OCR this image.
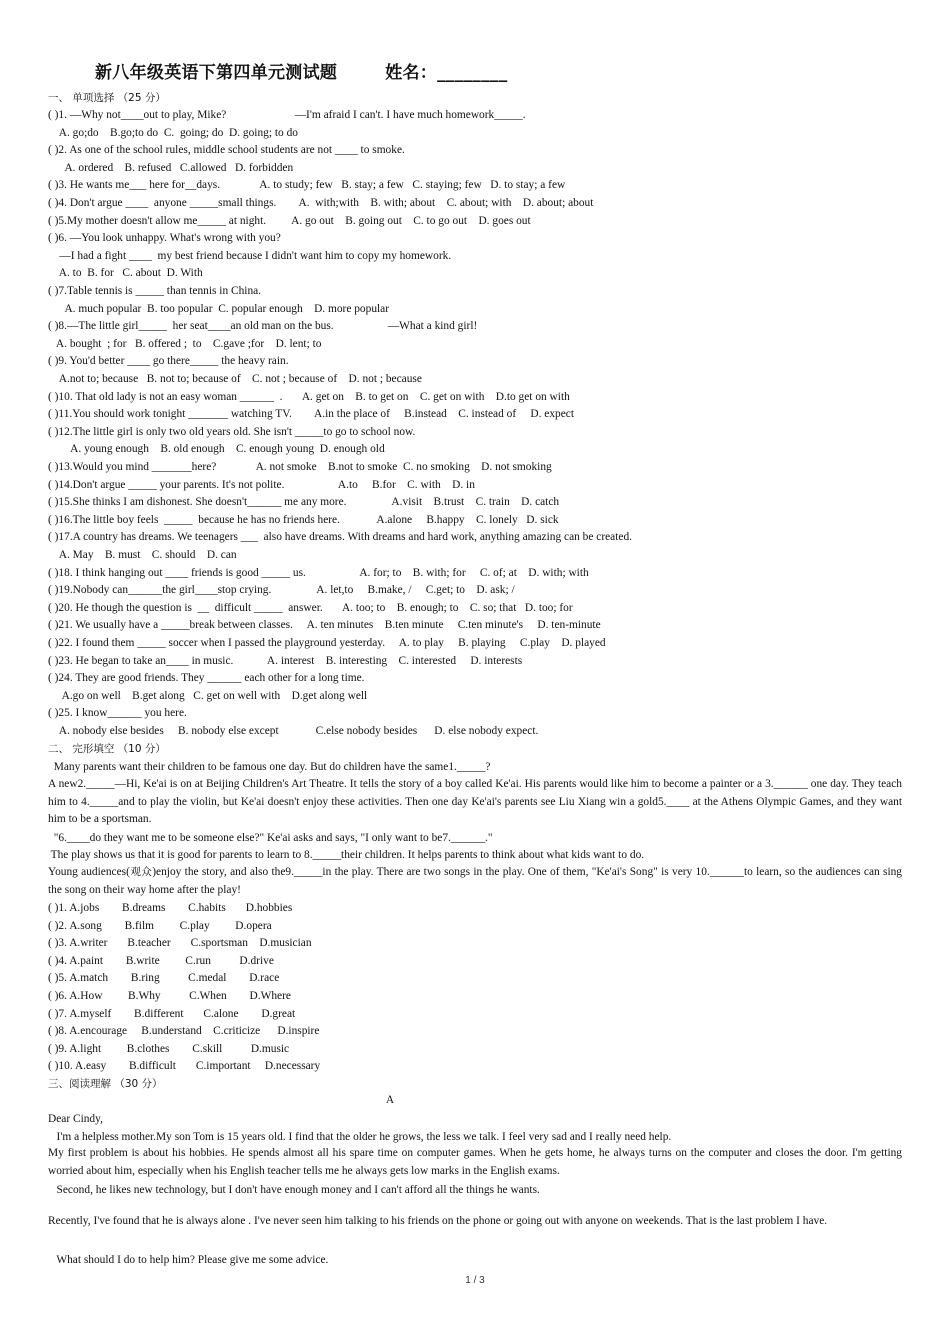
新八年级英语下第四单元测试题	姓名：________
一、 单项选择 （25 分）
( )1. —Why not____out to play, Mike?                        —I'm afraid I can't. I have much homework_____.
A. go;do    B.go;to do  C.  going; do  D. going; to do
( )2. As one of the school rules, middle school students are not ____ to smoke.
A. ordered    B. refused   C.allowed   D. forbidden
( )3. He wants me___ here for__days.              A. to study; few   B. stay; a few   C. staying; few   D. to stay; a few
( )4. Don't argue ____  anyone _____small things.        A.  with;with    B. with; about    C. about; with    D. about; about
( )5.My mother doesn't allow me_____ at night.         A. go out    B. going out    C. to go out    D. goes out
( )6. —You look unhappy. What's wrong with you?
—I had a fight ____  my best friend because I didn't want him to copy my homework.
A. to  B. for   C. about  D. With
( )7.Table tennis is _____ than tennis in China.
A. much popular  B. too popular  C. popular enough    D. more popular
( )8.—The little girl_____  her seat____an old man on the bus.                   —What a kind girl!
A. bought  ; for   B. offered ;  to    C.gave ;for    D. lent; to
( )9. You'd better ____ go there_____ the heavy rain.
A.not to; because   B. not to; because of    C. not ; because of    D. not ; because
( )10. That old lady is not an easy woman ______  .       A. get on    B. to get on    C. get on with    D.to get on with
( )11.You should work tonight _______ watching TV.        A.in the place of     B.instead    C. instead of     D. expect
( )12.The little girl is only two old years old. She isn't _____to go to school now.
A. young enough    B. old enough    C. enough young  D. enough old
( )13.Would you mind _______here?              A. not smoke    B.not to smoke  C. no smoking    D. not smoking
( )14.Don't argue _____ your parents. It's not polite.                   A.to     B.for    C. with    D. in
( )15.She thinks I am dishonest. She doesn't______ me any more.                A.visit    B.trust    C. train    D. catch
( )16.The little boy feels  _____  because he has no friends here.             A.alone     B.happy    C. lonely   D. sick
( )17.A country has dreams. We teenagers ___  also have dreams. With dreams and hard work, anything amazing can be created.
A. May    B. must    C. should    D. can
( )18. I think hanging out ____ friends is good _____ us.                   A. for; to    B. with; for     C. of; at    D. with; with
( )19.Nobody can______the girl____stop crying.                A. let,to     B.make, /     C.get; to    D. ask; /
( )20. He though the question is  __  difficult _____  answer.       A. too; to    B. enough; to    C. so; that   D. too; for
( )21. We usually have a _____break between classes.     A. ten minutes    B.ten minute     C.ten minute's     D. ten-minute
( )22. I found them _____ soccer when I passed the playground yesterday.     A. to play     B. playing     C.play    D. played
( )23. He began to take an____ in music.            A. interest    B. interesting    C. interested     D. interests
( )24. They are good friends. They ______ each other for a long time.
A.go on well    B.get along   C. get on well with    D.get along well
( )25. I know______ you here.
A. nobody else besides     B. nobody else except             C.else nobody besides      D. else nobody expect.
二、 完形填空 （10 分）
Many parents want their children to be famous one day. But do children have the same1._____?
A new2._____—Hi, Ke'ai is on at Beijing Children's Art Theatre. It tells the story of a boy called Ke'ai. His parents would like him to become a painter or a 3.______ one day. They teach him to 4._____and to play the violin, but Ke'ai doesn't enjoy these activities. Then one day Ke'ai's parents see Liu Xiang win a gold5.____ at the Athens Olympic Games, and they want him to be a sportsman.
"6.____do they want me to be someone else?" Ke'ai asks and says, "I only want to be7.______."
The play shows us that it is good for parents to learn to 8._____their children. It helps parents to think about what kids want to do.
Young audiences(观众)enjoy the story, and also the9._____in the play. There are two songs in the play. One of them, "Ke'ai's Song" is very 10.______to learn, so the audiences can sing the song on their way home after the play!
( )1. A.jobs        B.dreams        C.habits       D.hobbies
( )2. A.song        B.film         C.play         D.opera
( )3. A.writer       B.teacher       C.sportsman    D.musician
( )4. A.paint        B.write         C.run          D.drive
( )5. A.match        B.ring          C.medal        D.race
( )6. A.How         B.Why          C.When        D.Where
( )7. A.myself        B.different       C.alone        D.great
( )8. A.encourage     B.understand    C.criticize      D.inspire
( )9. A.light         B.clothes        C.skill          D.music
( )10. A.easy        B.difficult       C.important     D.necessary
三、阅读理解 （30 分）
A
Dear Cindy,
I'm a helpless mother.My son Tom is 15 years old. I find that the older he grows, the less we talk. I feel very sad and I really need help.
My first problem is about his hobbies. He spends almost all his spare time on computer games. When he gets home, he always turns on the computer and closes the door. I'm getting worried about him, especially when his English teacher tells me he always gets low marks in the English exams.
Second, he likes new technology, but I don't have enough money and I can't afford all the things he wants.
Recently, I've found that he is always alone . I've never seen him talking to his friends on the phone or going out with anyone on weekends. That is the last problem I have.
What should I do to help him? Please give me some advice.
1 / 3
